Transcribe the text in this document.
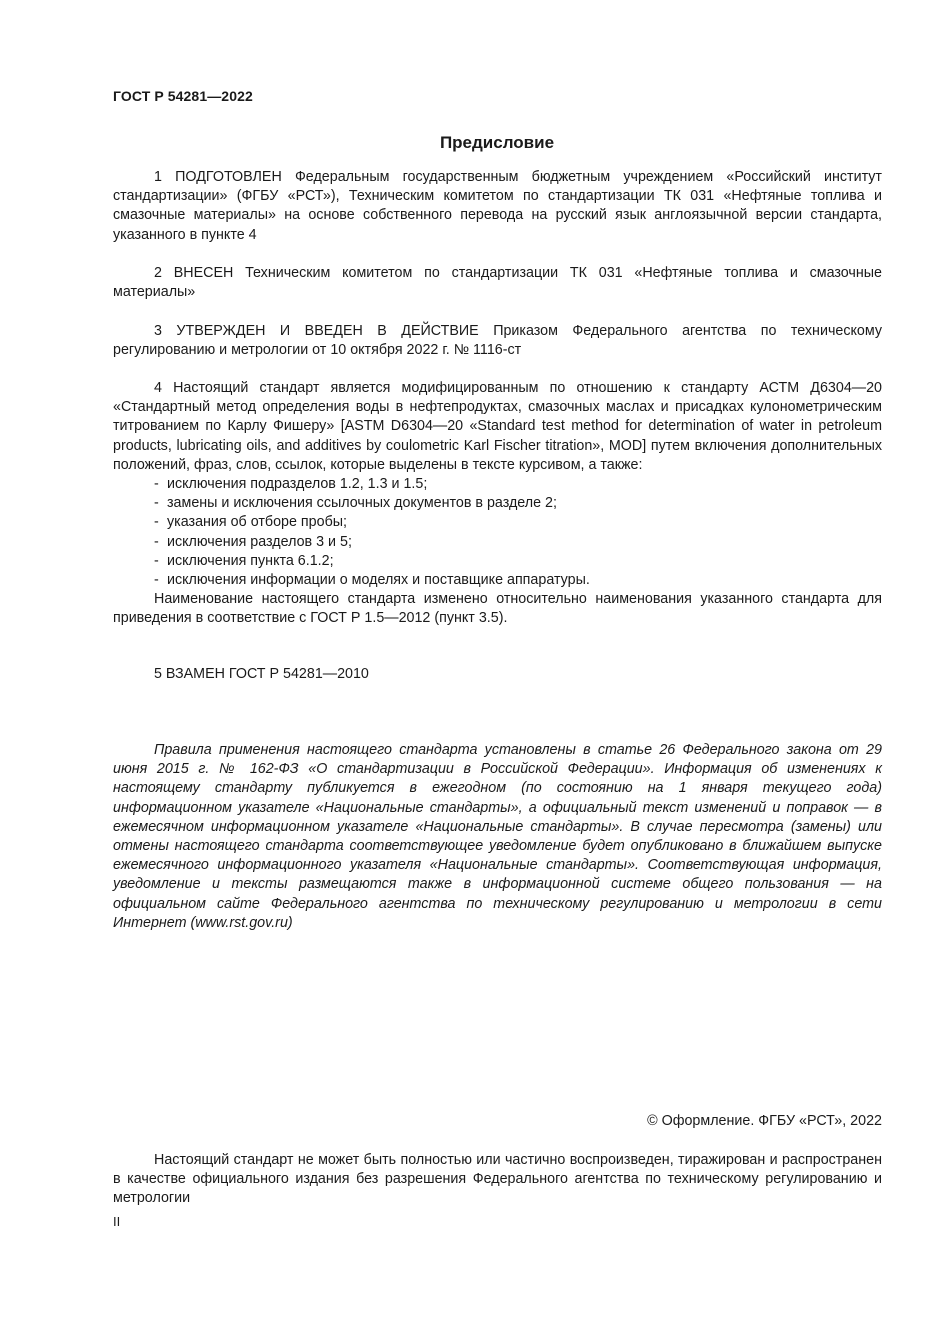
ГОСТ Р 54281—2022
Предисловие

1 ПОДГОТОВЛЕН Федеральным государственным бюджетным учреждением «Российский институт стандартизации» (ФГБУ «РСТ»), Техническим комитетом по стандартизации ТК 031 «Нефтяные топлива и смазочные материалы» на основе собственного перевода на русский язык англоязычной версии стандарта, указанного в пункте 4

2 ВНЕСЕН Техническим комитетом по стандартизации ТК 031 «Нефтяные топлива и смазочные материалы»

3 УТВЕРЖДЕН И ВВЕДЕН В ДЕЙСТВИЕ Приказом Федерального агентства по техническому регулированию и метрологии от 10 октября 2022 г. № 1116-ст

4 Настоящий стандарт является модифицированным по отношению к стандарту АСТМ Д6304—20 «Стандартный метод определения воды в нефтепродуктах, смазочных маслах и присадках кулонометрическим титрованием по Карлу Фишеру» [ASTM D6304—20 «Standard test method for determination of water in petroleum products, lubricating oils, and additives by coulometric Karl Fischer titration», MOD] путем включения дополнительных положений, фраз, слов, ссылок, которые выделены в тексте курсивом, а также:

- исключения подразделов 1.2, 1.3 и 1.5;
- замены и исключения ссылочных документов в разделе 2;
- указания об отборе пробы;
- исключения разделов 3 и 5;
- исключения пункта 6.1.2;
- исключения информации о моделях и поставщике аппаратуры.

Наименование настоящего стандарта изменено относительно наименования указанного стандарта для приведения в соответствие с ГОСТ Р 1.5—2012 (пункт 3.5).

5 ВЗАМЕН ГОСТ Р 54281—2010

Правила применения настоящего стандарта установлены в статье 26 Федерального закона от 29 июня 2015 г. № 162-ФЗ «О стандартизации в Российской Федерации». Информация об изменениях к настоящему стандарту публикуется в ежегодном (по состоянию на 1 января текущего года) информационном указателе «Национальные стандарты», а официальный текст изменений и поправок — в ежемесячном информационном указателе «Национальные стандарты». В случае пересмотра (замены) или отмены настоящего стандарта соответствующее уведомление будет опубликовано в ближайшем выпуске ежемесячного информационного указателя «Национальные стандарты». Соответствующая информация, уведомление и тексты размещаются также в информационной системе общего пользования — на официальном сайте Федерального агентства по техническому регулированию и метрологии в сети Интернет (www.rst.gov.ru)

© Оформление. ФГБУ «РСТ», 2022

Настоящий стандарт не может быть полностью или частично воспроизведен, тиражирован и распространен в качестве официального издания без разрешения Федерального агентства по техническому регулированию и метрологии

II
